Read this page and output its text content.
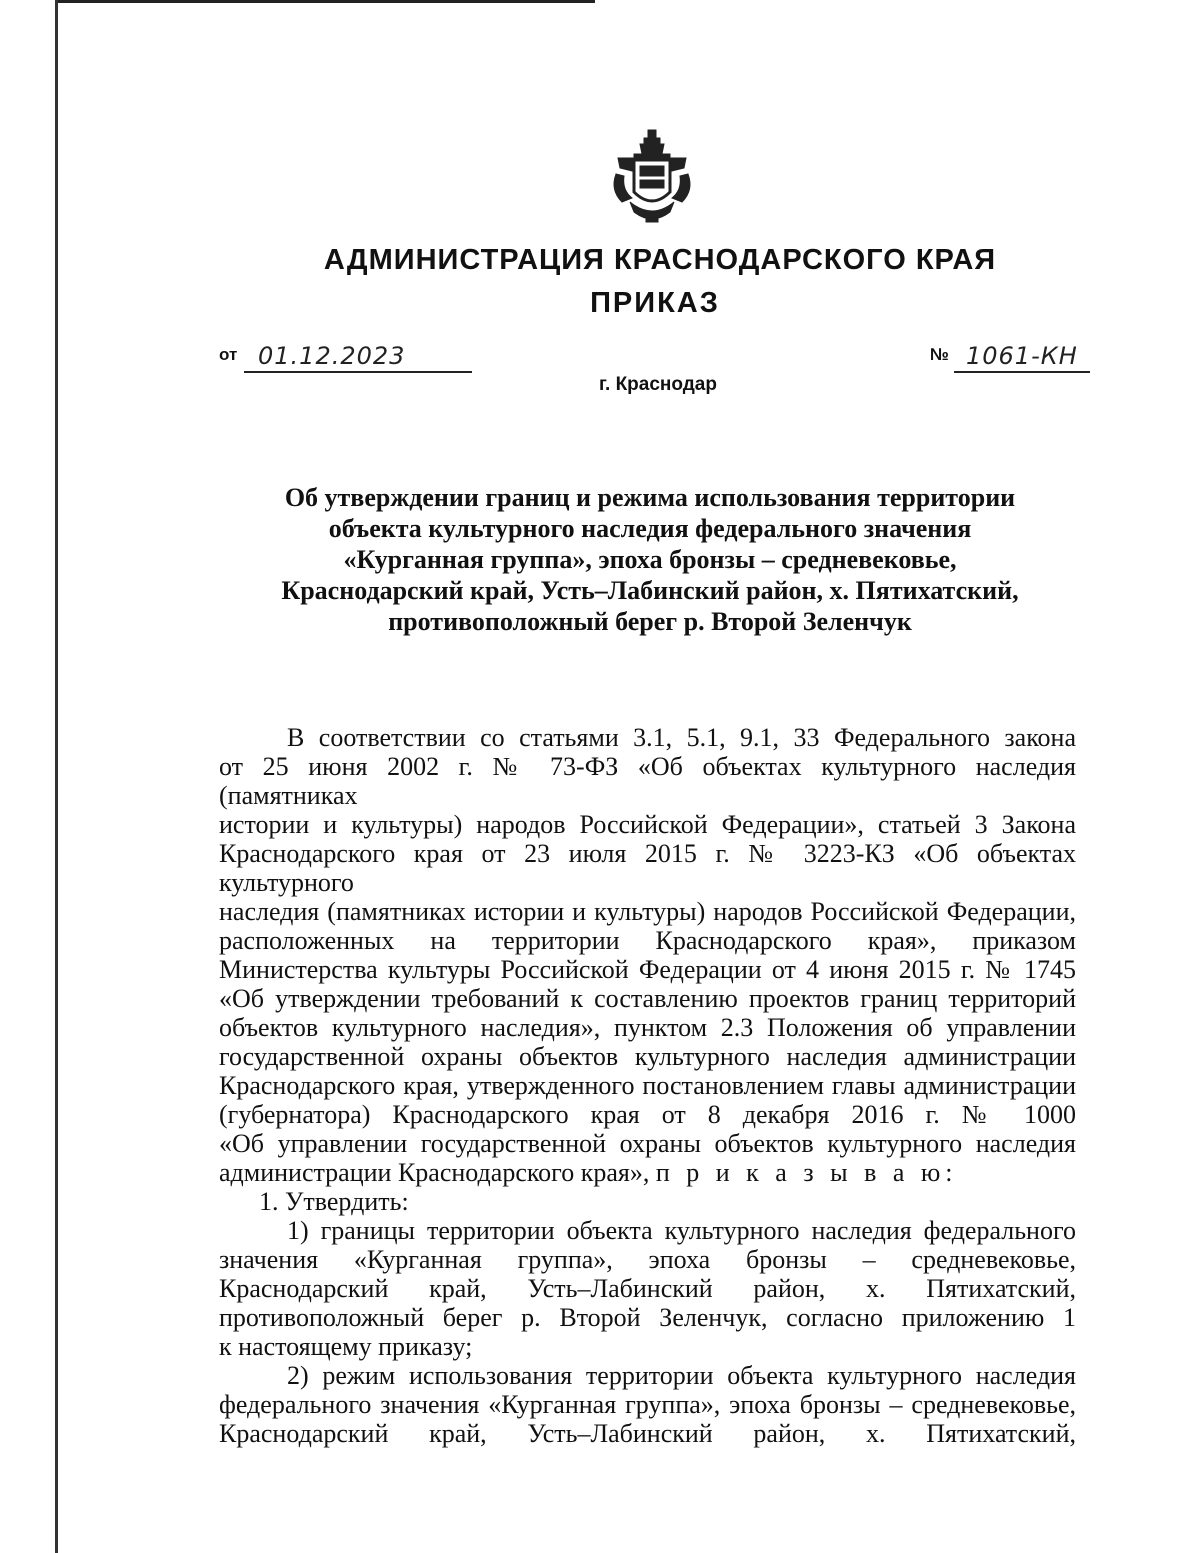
АДМИНИСТРАЦИЯ КРАСНОДАРСКОГО КРАЯ
ПРИКАЗ
от 01.12.2023	№ 1061-КН
г. Краснодар
Об утверждении границ и режима использования территории
объекта культурного наследия федерального значения
«Курганная группа», эпоха бронзы – средневековье,
Краснодарский край, Усть–Лабинский район, х. Пятихатский,
противоположный берег р. Второй Зеленчук
В соответствии со статьями 3.1, 5.1, 9.1, 33 Федерального закона
от 25 июня 2002 г. № 73-ФЗ «Об объектах культурного наследия (памятниках
истории и культуры) народов Российской Федерации», статьей 3 Закона
Краснодарского края от 23 июля 2015 г. № 3223-КЗ «Об объектах культурного
наследия (памятниках истории и культуры) народов Российской Федерации,
расположенных на территории Краснодарского края», приказом
Министерства культуры Российской Федерации от 4 июня 2015 г. № 1745
«Об утверждении требований к составлению проектов границ территорий
объектов культурного наследия», пунктом 2.3 Положения об управлении
государственной охраны объектов культурного наследия администрации
Краснодарского края, утвержденного постановлением главы администрации
(губернатора) Краснодарского края от 8 декабря 2016 г. № 1000
«Об управлении государственной охраны объектов культурного наследия
администрации Краснодарского края», п р и к а з ы в а ю:
1. Утвердить:
1) границы территории объекта культурного наследия федерального
значения «Курганная группа», эпоха бронзы – средневековье,
Краснодарский край, Усть–Лабинский район, х. Пятихатский,
противоположный берег р. Второй Зеленчук, согласно приложению 1
к настоящему приказу;
2) режим использования территории объекта культурного наследия
федерального значения «Курганная группа», эпоха бронзы – средневековье,
Краснодарский край, Усть–Лабинский район, х. Пятихатский,
